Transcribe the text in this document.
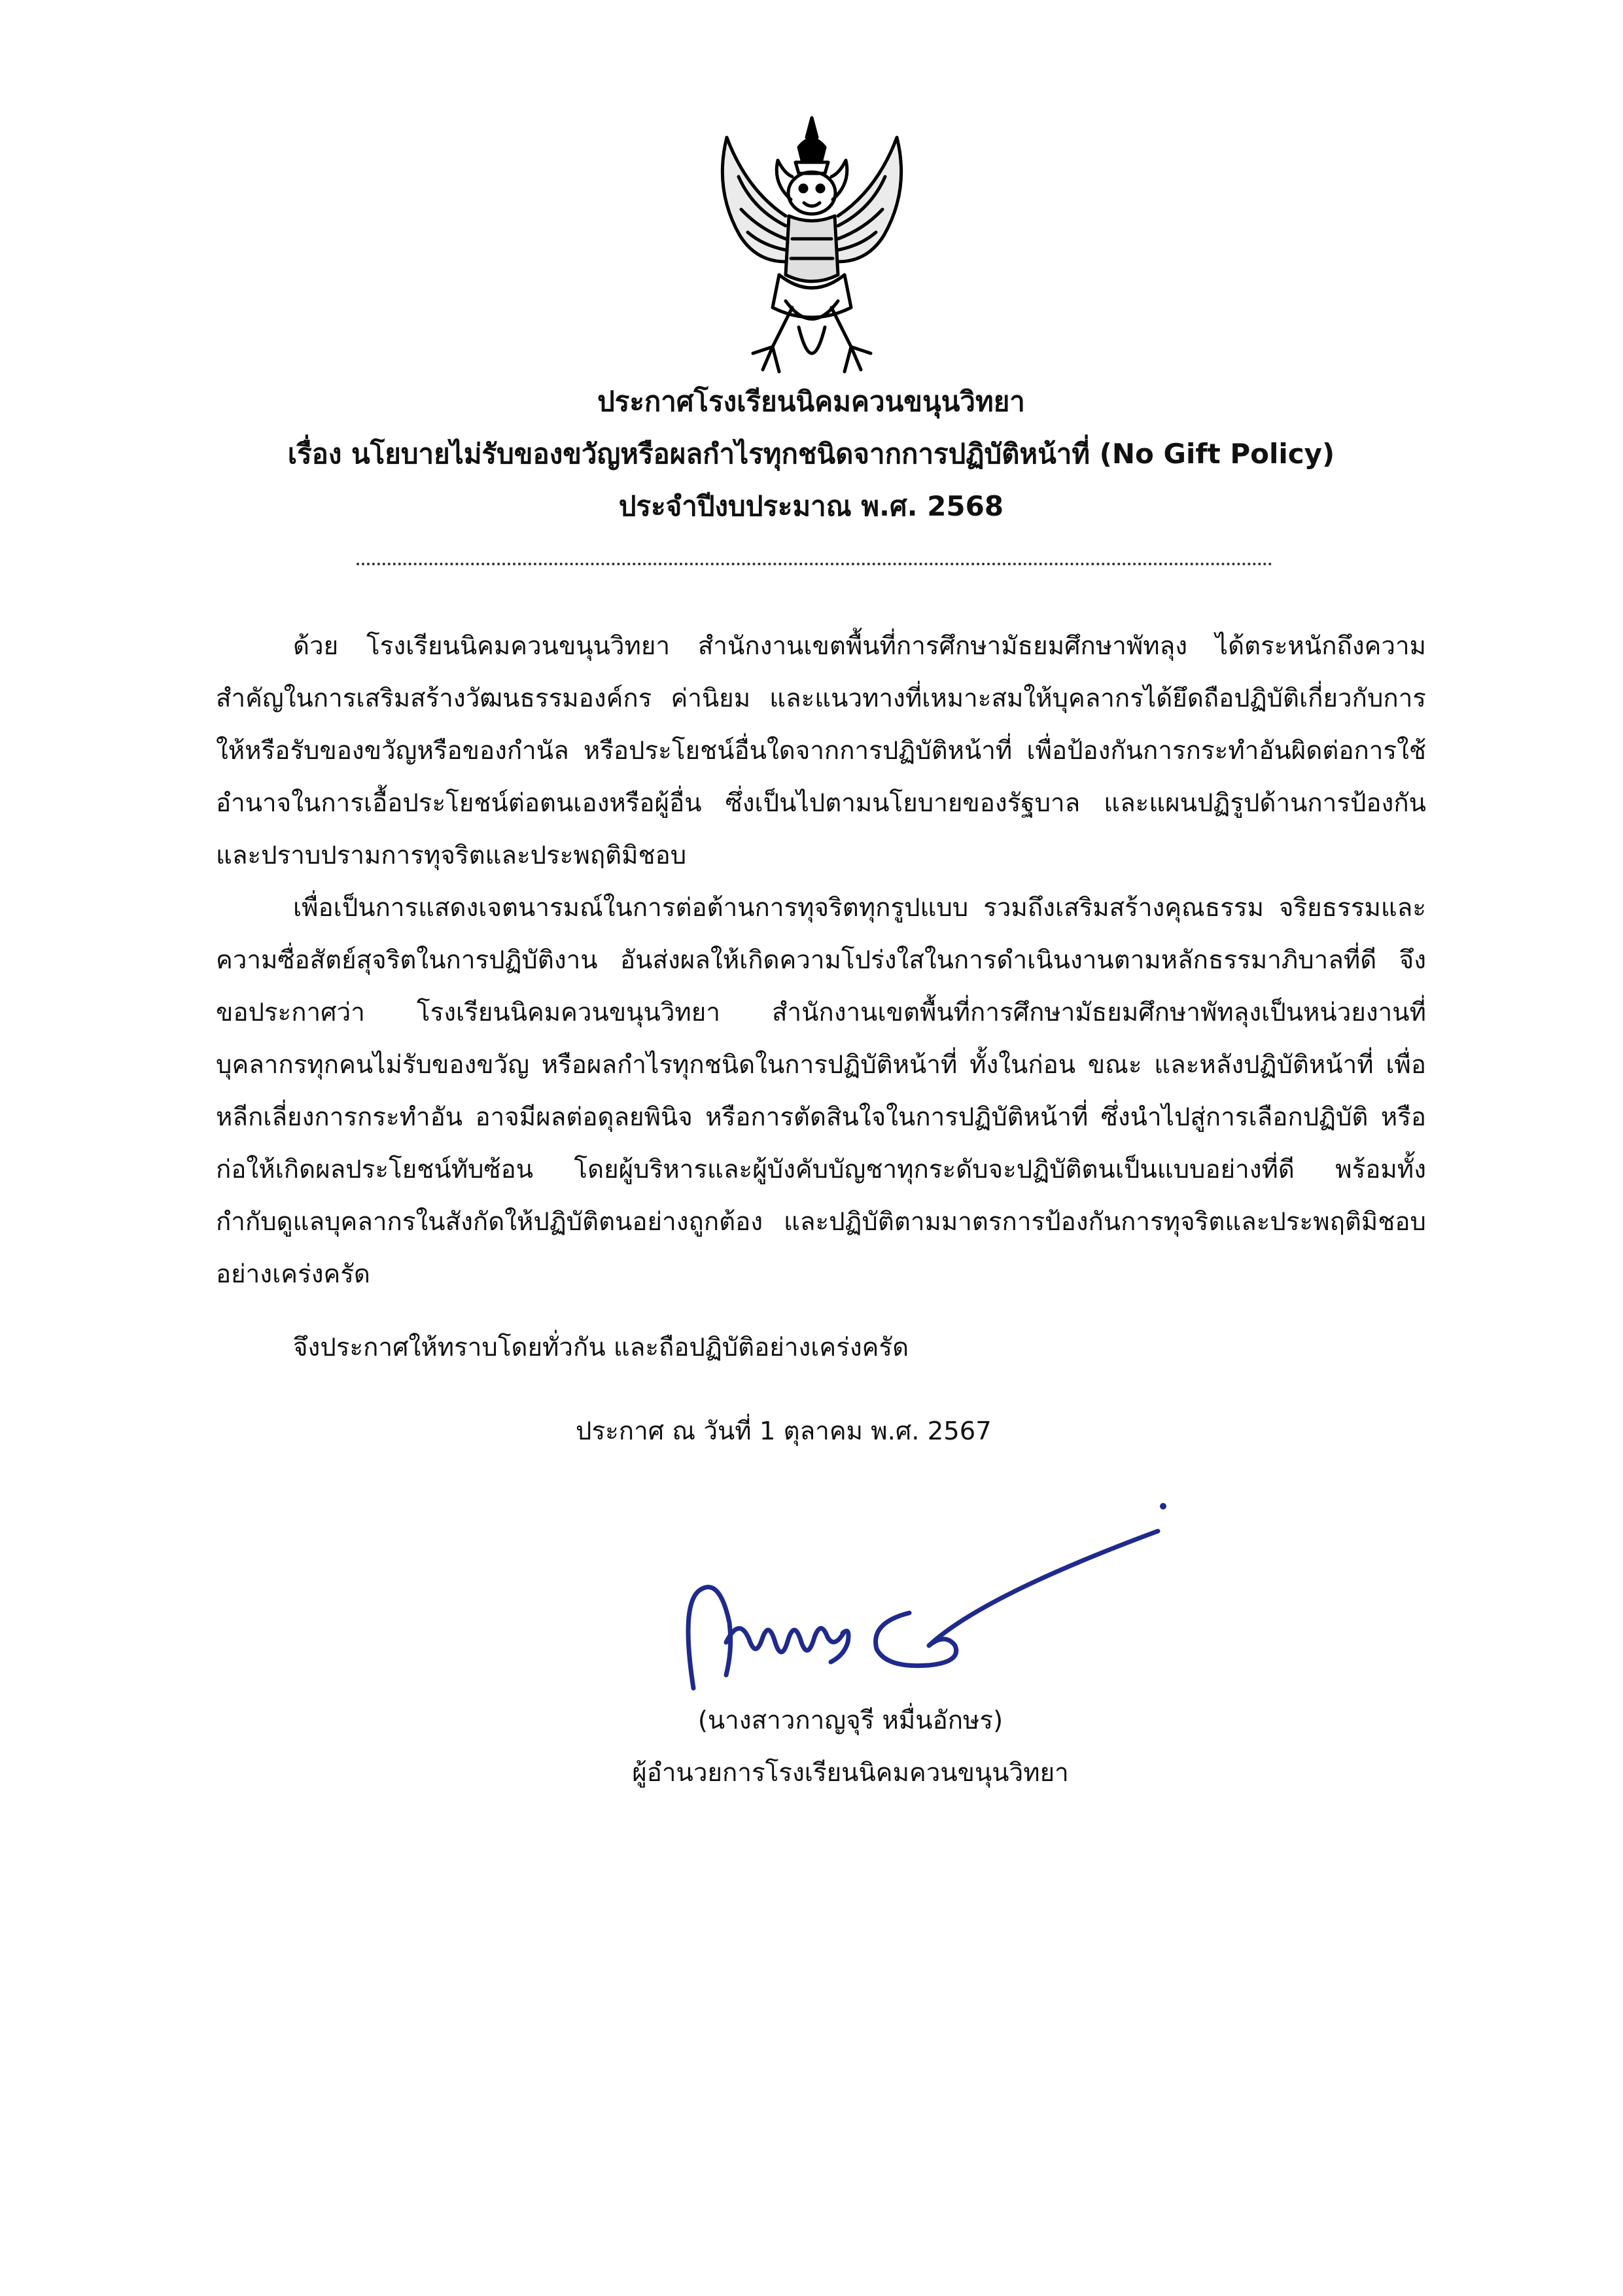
ประกาศโรงเรียนนิคมควนขนุนวิทยา
เรื่อง นโยบายไม่รับของขวัญหรือผลกำไรทุกชนิดจากการปฏิบัติหน้าที่ (No Gift Policy)
ประจำปีงบประมาณ พ.ศ. 2568

ด้วย โรงเรียนนิคมควนขนุนวิทยา สำนักงานเขตพื้นที่การศึกษามัธยมศึกษาพัทลุง ได้ตระหนักถึงความสำคัญในการเสริมสร้างวัฒนธรรมองค์กร ค่านิยม และแนวทางที่เหมาะสมให้บุคลากรได้ยึดถือปฏิบัติเกี่ยวกับการให้หรือรับของขวัญหรือของกำนัล หรือประโยชน์อื่นใดจากการปฏิบัติหน้าที่ เพื่อป้องกันการกระทำอันผิดต่อการใช้อำนาจในการเอื้อประโยชน์ต่อตนเองหรือผู้อื่น ซึ่งเป็นไปตามนโยบายของรัฐบาล และแผนปฏิรูปด้านการป้องกัน และปราบปรามการทุจริตและประพฤติมิชอบ

เพื่อเป็นการแสดงเจตนารมณ์ในการต่อต้านการทุจริตทุกรูปแบบ รวมถึงเสริมสร้างคุณธรรม จริยธรรมและความซื่อสัตย์สุจริตในการปฏิบัติงาน อันส่งผลให้เกิดความโปร่งใสในการดำเนินงานตามหลักธรรมาภิบาลที่ดี จึงขอประกาศว่า โรงเรียนนิคมควนขนุนวิทยา สำนักงานเขตพื้นที่การศึกษามัธยมศึกษาพัทลุงเป็นหน่วยงานที่บุคลากรทุกคนไม่รับของขวัญ หรือผลกำไรทุกชนิดในการปฏิบัติหน้าที่ ทั้งในก่อน ขณะ และหลังปฏิบัติหน้าที่ เพื่อหลีกเลี่ยงการกระทำอัน อาจมีผลต่อดุลยพินิจ หรือการตัดสินใจในการปฏิบัติหน้าที่ ซึ่งนำไปสู่การเลือกปฏิบัติ หรือก่อให้เกิดผลประโยชน์ทับซ้อน โดยผู้บริหารและผู้บังคับบัญชาทุกระดับจะปฏิบัติตนเป็นแบบอย่างที่ดี พร้อมทั้ง กำกับดูแลบุคลากรในสังกัดให้ปฏิบัติตนอย่างถูกต้อง และปฏิบัติตามมาตรการป้องกันการทุจริตและประพฤติมิชอบอย่างเคร่งครัด

จึงประกาศให้ทราบโดยทั่วกัน และถือปฏิบัติอย่างเคร่งครัด
ประกาศ ณ วันที่ 1 ตุลาคม พ.ศ. 2567
(นางสาวกาญจุรี หมื่นอักษร)
ผู้อำนวยการโรงเรียนนิคมควนขนุนวิทยา
